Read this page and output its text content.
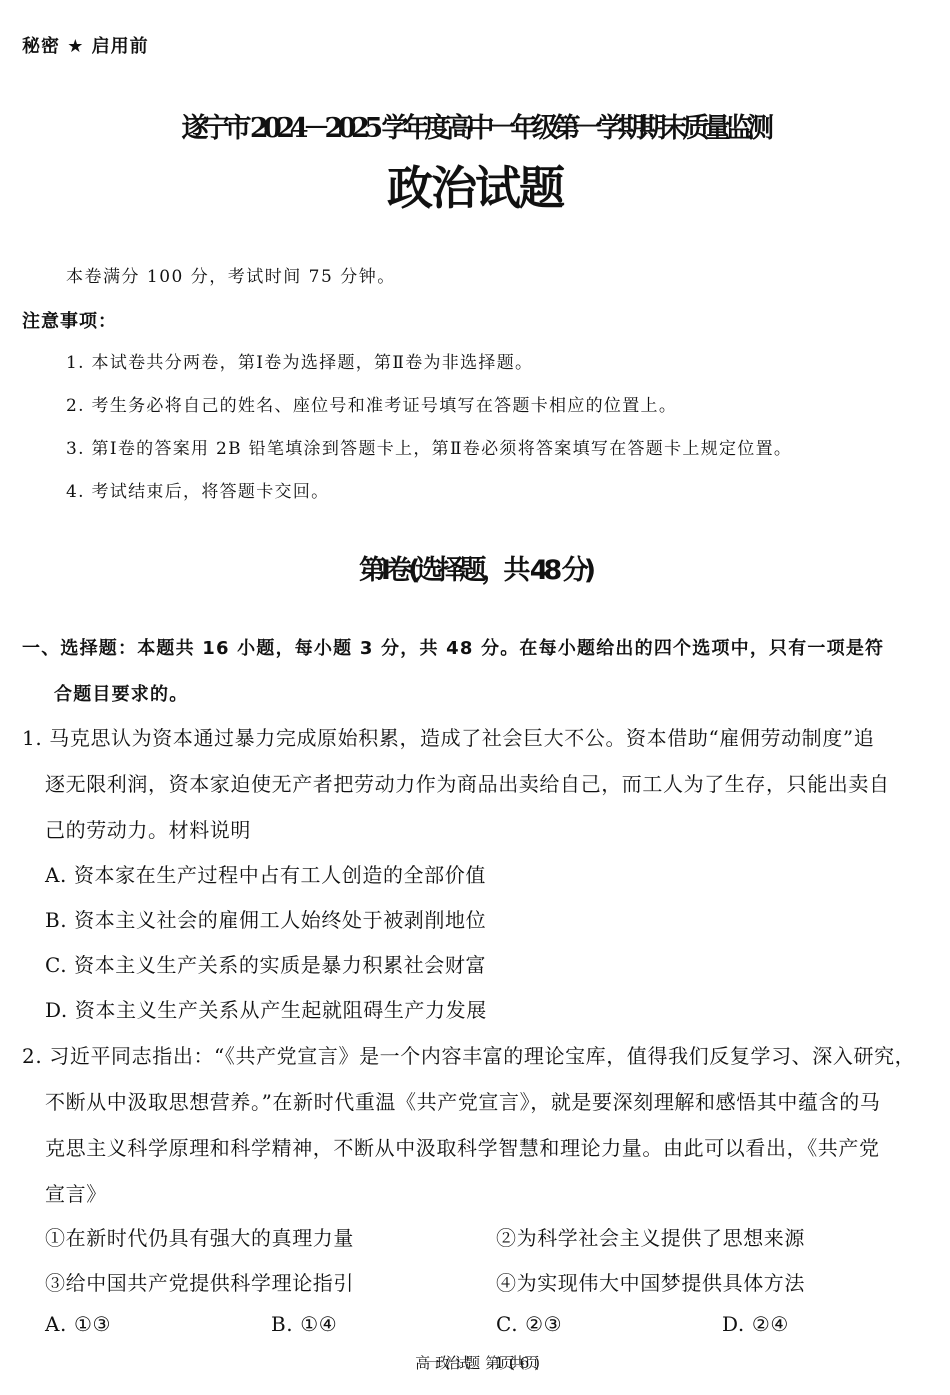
秘密 ★ 启用前
遂宁市 2024－2025 学年度高中一年级第一学期期末质量监测
政治试题
本卷满分 100 分，考试时间 75 分钟。
注意事项：
1. 本试卷共分两卷，第Ⅰ卷为选择题，第Ⅱ卷为非选择题。
2. 考生务必将自己的姓名、座位号和准考证号填写在答题卡相应的位置上。
3. 第Ⅰ卷的答案用 2B 铅笔填涂到答题卡上，第Ⅱ卷必须将答案填写在答题卡上规定位置。
4. 考试结束后，将答题卡交回。
第Ⅰ卷(选择题，共 48 分)
一、选择题：本题共 16 小题，每小题 3 分，共 48 分。在每小题给出的四个选项中，只有一项是符
合题目要求的。
1. 马克思认为资本通过暴力完成原始积累，造成了社会巨大不公。资本借助“雇佣劳动制度”追
逐无限利润，资本家迫使无产者把劳动力作为商品出卖给自己，而工人为了生存，只能出卖自
己的劳动力。材料说明
A. 资本家在生产过程中占有工人创造的全部价值
B. 资本主义社会的雇佣工人始终处于被剥削地位
C. 资本主义生产关系的实质是暴力积累社会财富
D. 资本主义生产关系从产生起就阻碍生产力发展
2. 习近平同志指出：“《共产党宣言》是一个内容丰富的理论宝库，值得我们反复学习、深入研究，
不断从中汲取思想营养。”在新时代重温《共产党宣言》，就是要深刻理解和感悟其中蕴含的马
克思主义科学原理和科学精神，不断从中汲取科学智慧和理论力量。由此可以看出，《共产党
宣言》
①在新时代仍具有强大的真理力量	②为科学社会主义提供了思想来源
③给中国共产党提供科学理论指引	④为实现伟大中国梦提供具体方法
A. ①③	B. ①④	C. ②③	D. ②④
高一政治试题　第 1 页(共 6 页)
